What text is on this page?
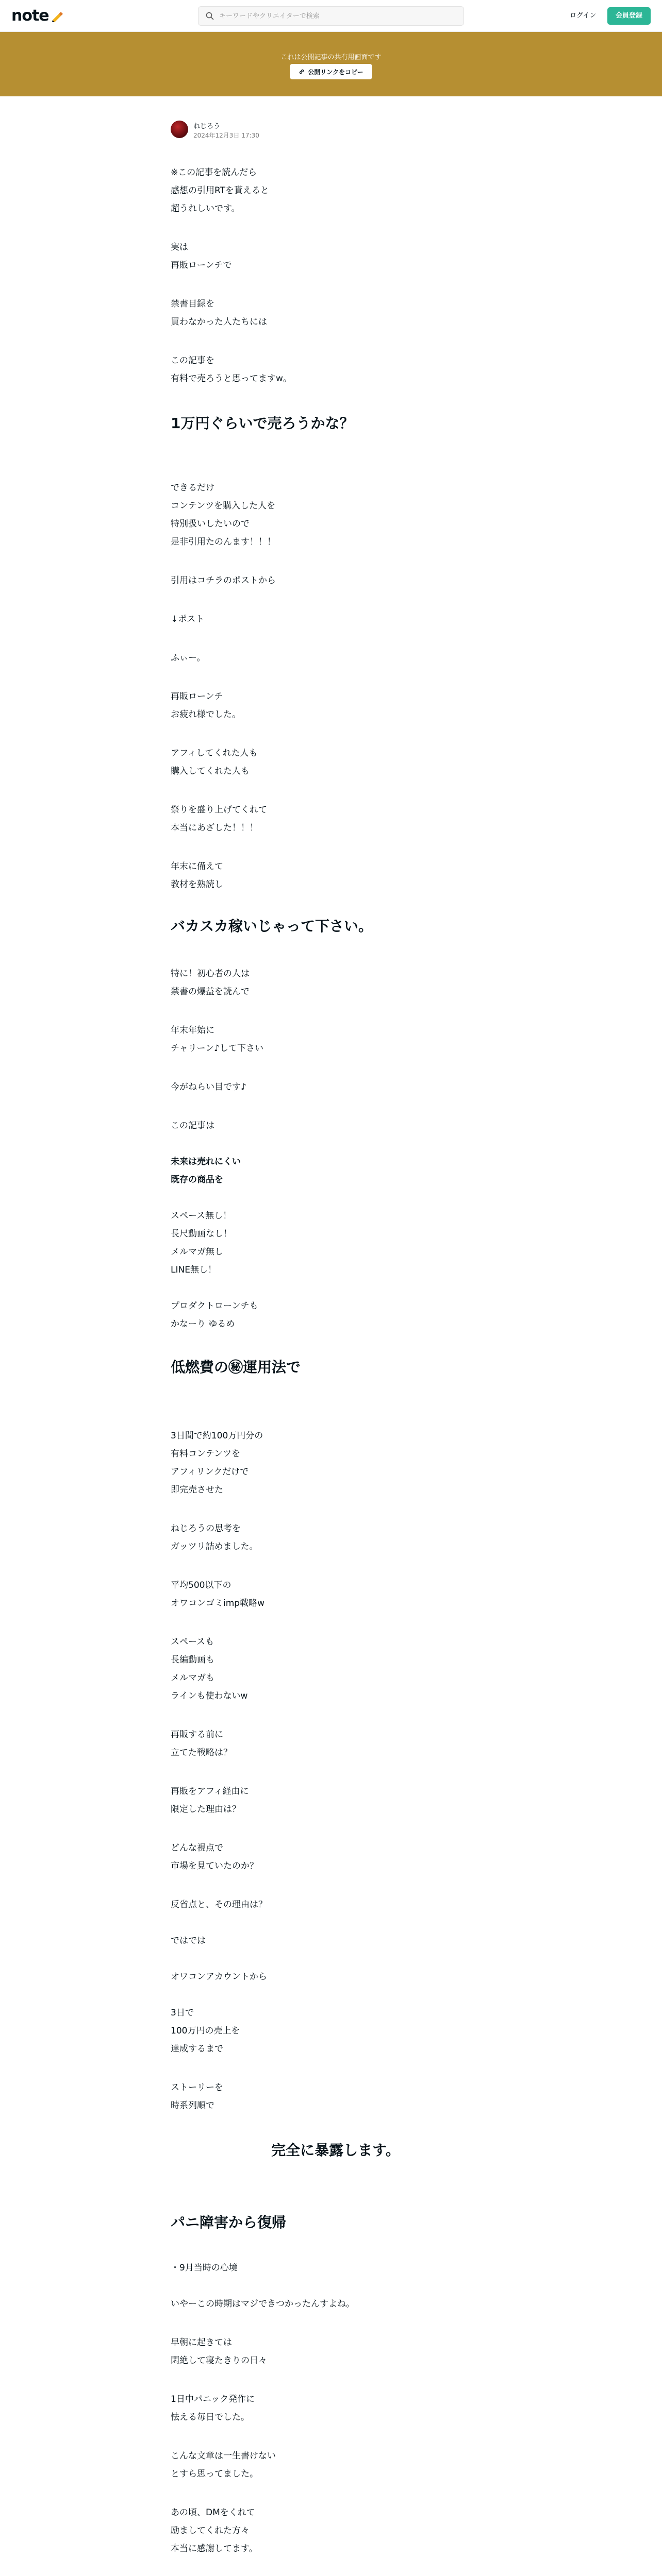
note
キーワードやクリエイターで検索	ログイン	会員登録
これは公開記事の共有用画面です
公開リンクをコピー
ねじろう
2024年12月3日 17:30
※この記事を読んだら
感想の引用RTを貰えると
超うれしいです。
実は
再販ローンチで
禁書目録を
買わなかった人たちには
この記事を
有料で売ろうと思ってますw。
1万円ぐらいで売ろうかな？
できるだけ
コンテンツを購入した人を
特別扱いしたいので
是非引用たのんます！！！
引用はコチラのポストから
↓ポスト
ふぃー。
再販ローンチ
お疲れ様でした。
アフィしてくれた人も
購入してくれた人も
祭りを盛り上げてくれて
本当にあざした！！！
年末に備えて
教材を熟読し
バカスカ稼いじゃって下さい。
特に！初心者の人は
禁書の爆益を読んで
年末年始に
チャリーン♪して下さい
今がねらい目です♪
この記事は
未来は売れにくい
既存の商品を
スペース無し！
長尺動画なし！
メルマガ無し
LINE無し！
プロダクトローンチも
かなーり ゆるめ
低燃費の㊙運用法で
3日間で約100万円分の
有料コンテンツを
アフィリンクだけで
即完売させた
ねじろうの思考を
ガッツリ詰めました。
平均500以下の
オワコンゴミimp戦略w
スペースも
長編動画も
メルマガも
ラインも使わないw
再販する前に
立てた戦略は？
再販をアフィ経由に
限定した理由は？
どんな視点で
市場を見ていたのか？
反省点と、その理由は？
ではでは
オワコンアカウントから
3日で
100万円の売上を
達成するまで
ストーリーを
時系列順で
完全に暴露します。
パニ障害から復帰
・9月当時の心境
いやーこの時期はマジできつかったんすよね。
早朝に起きては
悶絶して寝たきりの日々
1日中パニック発作に
怯える毎日でした。
こんな文章は一生書けない
とすら思ってました。
あの頃、DMをくれて
励ましてくれた方々
本当に感謝してます。
